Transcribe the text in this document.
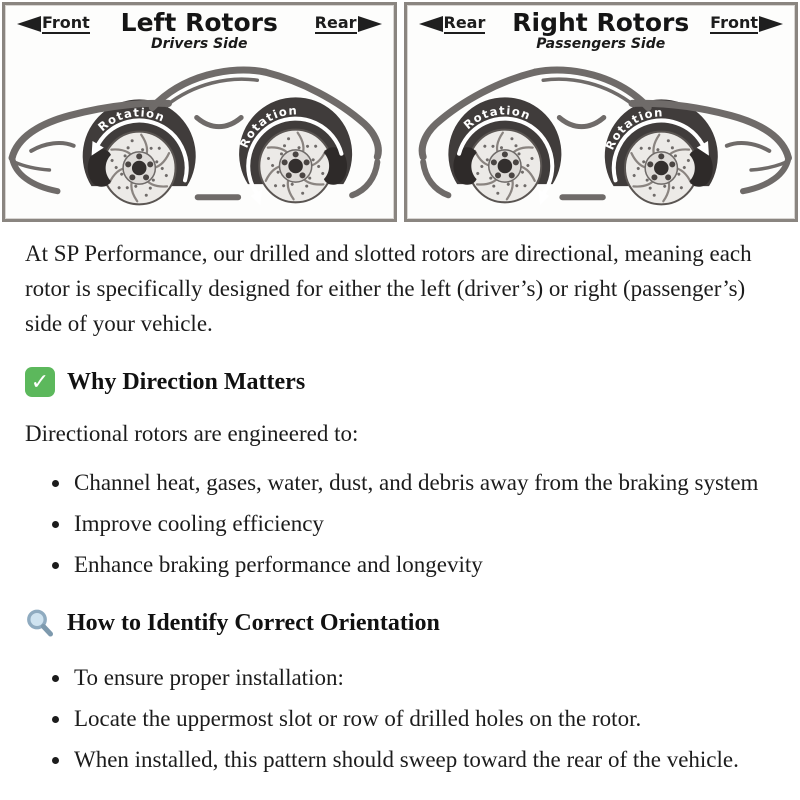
Front	Left Rotors
Drivers Side
Rear
Rotation
Rotation
Rear	Right Rotors
Passengers Side
Front
Rotation
Rotation

At SP Performance, our drilled and slotted rotors are directional, meaning each rotor is specifically designed for either the left (driver’s) or right (passenger’s) side of your vehicle.

✓ Why Direction Matters

Directional rotors are engineered to:

• Channel heat, gases, water, dust, and debris away from the braking system
• Improve cooling efficiency
• Enhance braking performance and longevity
How to Identify Correct Orientation
• To ensure proper installation:
• Locate the uppermost slot or row of drilled holes on the rotor.
• When installed, this pattern should sweep toward the rear of the vehicle.
